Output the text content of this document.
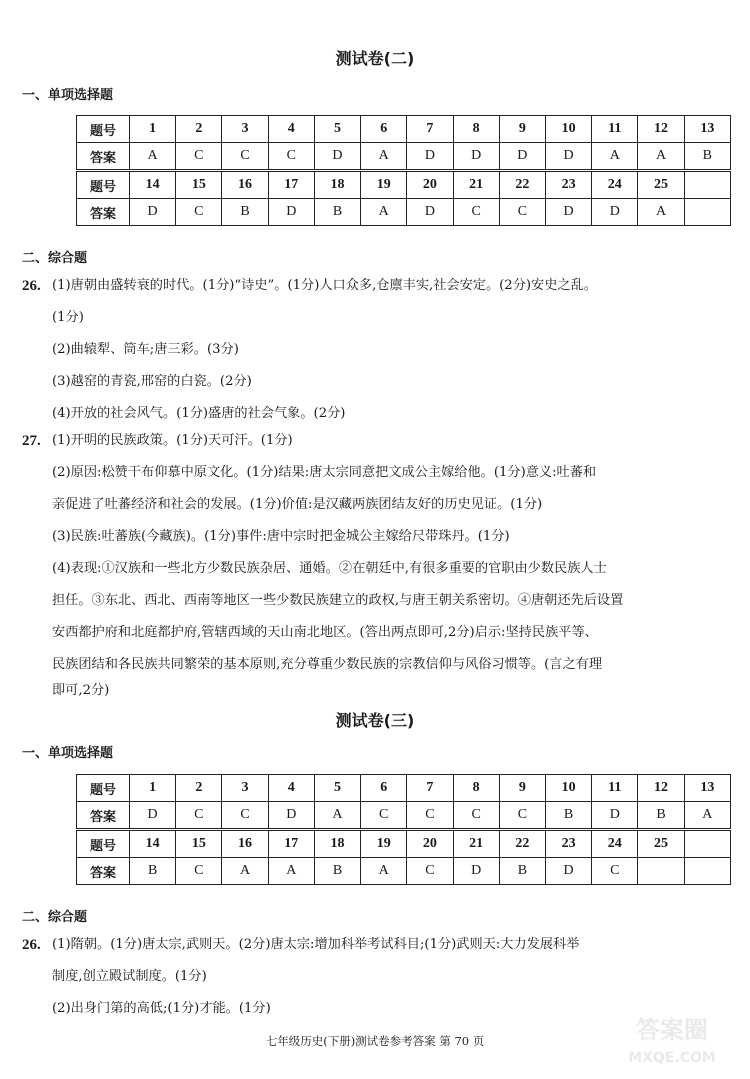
测试卷(二)
一、单项选择题
题号	1	2	3	4	5	6	7	8	9	10	11	12	13
答案	A	C	C	C	D	A	D	D	D	D	A	A	B
题号	14	15	16	17	18	19	20	21	22	23	24	25	
答案	D	C	B	D	B	A	D	C	C	D	D	A	
二、综合题
26. (1)唐朝由盛转衰的时代。(1分)“诗史”。(1分)人口众多,仓廪丰实,社会安定。(2分)安史之乱。
(1分)
(2)曲辕犁、筒车;唐三彩。(3分)
(3)越窑的青瓷,邢窑的白瓷。(2分)
(4)开放的社会风气。(1分)盛唐的社会气象。(2分)
27. (1)开明的民族政策。(1分)天可汗。(1分)
(2)原因:松赞干布仰慕中原文化。(1分)结果:唐太宗同意把文成公主嫁给他。(1分)意义:吐蕃和
亲促进了吐蕃经济和社会的发展。(1分)价值:是汉藏两族团结友好的历史见证。(1分)
(3)民族:吐蕃族(今藏族)。(1分)事件:唐中宗时把金城公主嫁给尺带珠丹。(1分)
(4)表现:①汉族和一些北方少数民族杂居、通婚。②在朝廷中,有很多重要的官职由少数民族人士
担任。③东北、西北、西南等地区一些少数民族建立的政权,与唐王朝关系密切。④唐朝还先后设置
安西都护府和北庭都护府,管辖西域的天山南北地区。(答出两点即可,2分)启示:坚持民族平等、
民族团结和各民族共同繁荣的基本原则,充分尊重少数民族的宗教信仰与风俗习惯等。(言之有理
即可,2分)
测试卷(三)
一、单项选择题
题号	1	2	3	4	5	6	7	8	9	10	11	12	13
答案	D	C	C	D	A	C	C	C	C	B	D	B	A
题号	14	15	16	17	18	19	20	21	22	23	24	25	
答案	B	C	A	A	B	A	C	D	B	D	C		
二、综合题
26. (1)隋朝。(1分)唐太宗,武则天。(2分)唐太宗:增加科举考试科目;(1分)武则天:大力发展科举
制度,创立殿试制度。(1分)
(2)出身门第的高低;(1分)才能。(1分)
七年级历史(下册)测试卷参考答案 第 70 页	答案圈
MXQE.COM
